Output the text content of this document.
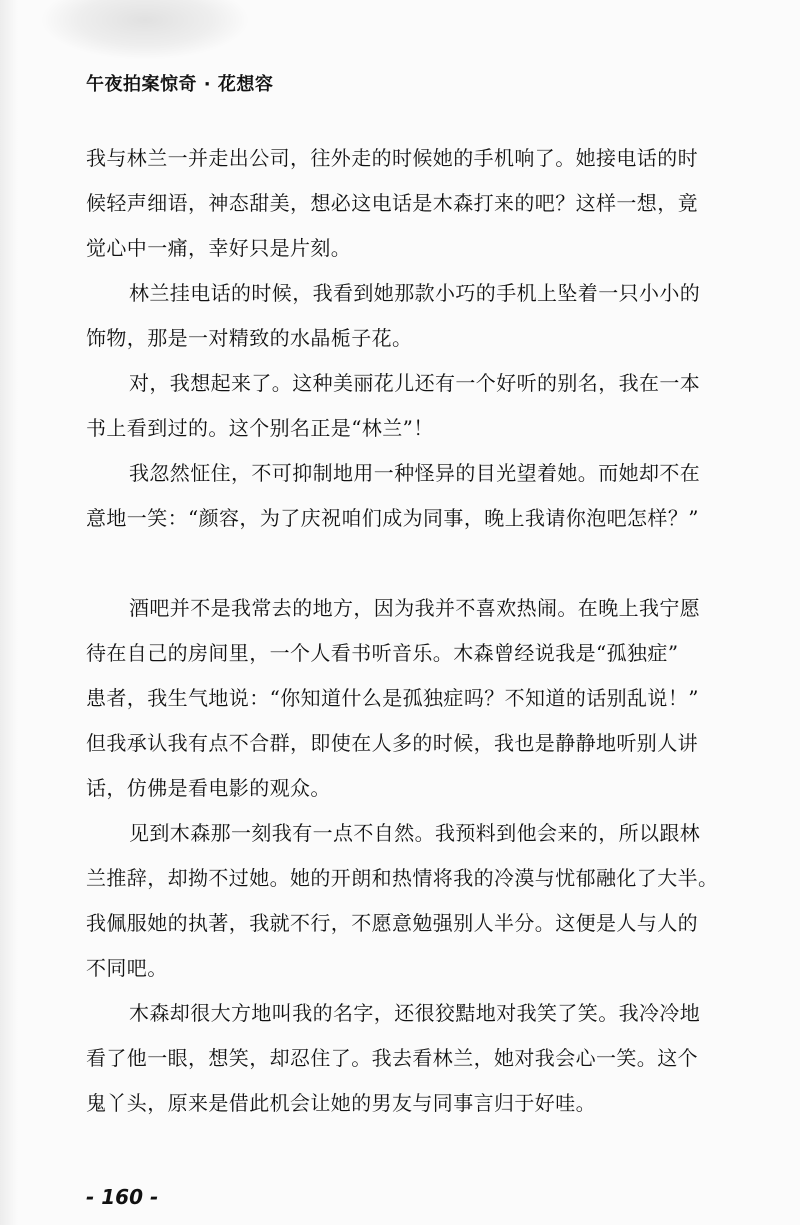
午夜拍案惊奇 · 花想容
我与林兰一并走出公司，往外走的时候她的手机响了。她接电话的时
候轻声细语，神态甜美，想必这电话是木森打来的吧？这样一想，竟
觉心中一痛，幸好只是片刻。
林兰挂电话的时候，我看到她那款小巧的手机上坠着一只小小的
饰物，那是一对精致的水晶栀子花。
对，我想起来了。这种美丽花儿还有一个好听的别名，我在一本
书上看到过的。这个别名正是“林兰”！
我忽然怔住，不可抑制地用一种怪异的目光望着她。而她却不在
意地一笑：“颜容，为了庆祝咱们成为同事，晚上我请你泡吧怎样？”
酒吧并不是我常去的地方，因为我并不喜欢热闹。在晚上我宁愿
待在自己的房间里，一个人看书听音乐。木森曾经说我是“孤独症”
患者，我生气地说：“你知道什么是孤独症吗？不知道的话别乱说！”
但我承认我有点不合群，即使在人多的时候，我也是静静地听别人讲
话，仿佛是看电影的观众。
见到木森那一刻我有一点不自然。我预料到他会来的，所以跟林
兰推辞，却拗不过她。她的开朗和热情将我的冷漠与忧郁融化了大半。
我佩服她的执著，我就不行，不愿意勉强别人半分。这便是人与人的
不同吧。
木森却很大方地叫我的名字，还很狡黠地对我笑了笑。我冷冷地
看了他一眼，想笑，却忍住了。我去看林兰，她对我会心一笑。这个
鬼丫头，原来是借此机会让她的男友与同事言归于好哇。
- 160 -
